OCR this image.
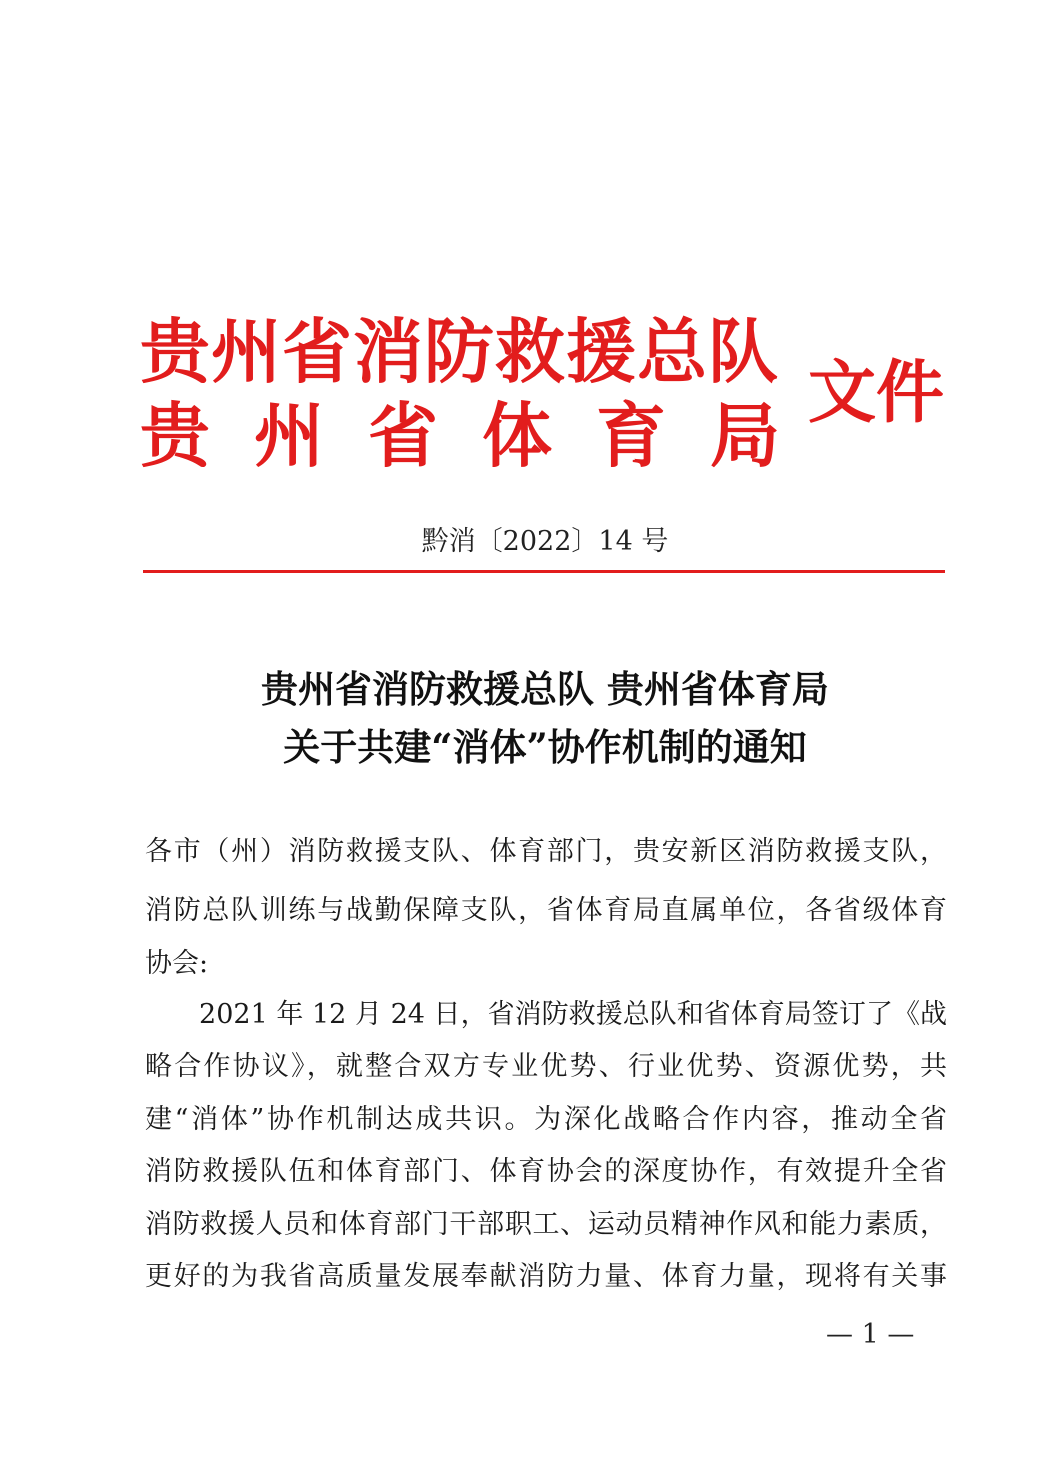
贵州省消防救援总队
贵州省体育局
文件
黔消〔2022〕14 号
贵州省消防救援总队 贵州省体育局
关于共建“消体”协作机制的通知
各市（州）消防救援支队、体育部门，贵安新区消防救援支队，
消防总队训练与战勤保障支队，省体育局直属单位，各省级体育
协会:
　　2021 年 12 月 24 日，省消防救援总队和省体育局签订了《战
略合作协议》，就整合双方专业优势、行业优势、资源优势，共
建“消体”协作机制达成共识。为深化战略合作内容，推动全省
消防救援队伍和体育部门、体育协会的深度协作，有效提升全省
消防救援人员和体育部门干部职工、运动员精神作风和能力素质，
更好的为我省高质量发展奉献消防力量、体育力量，现将有关事
— 1 —
